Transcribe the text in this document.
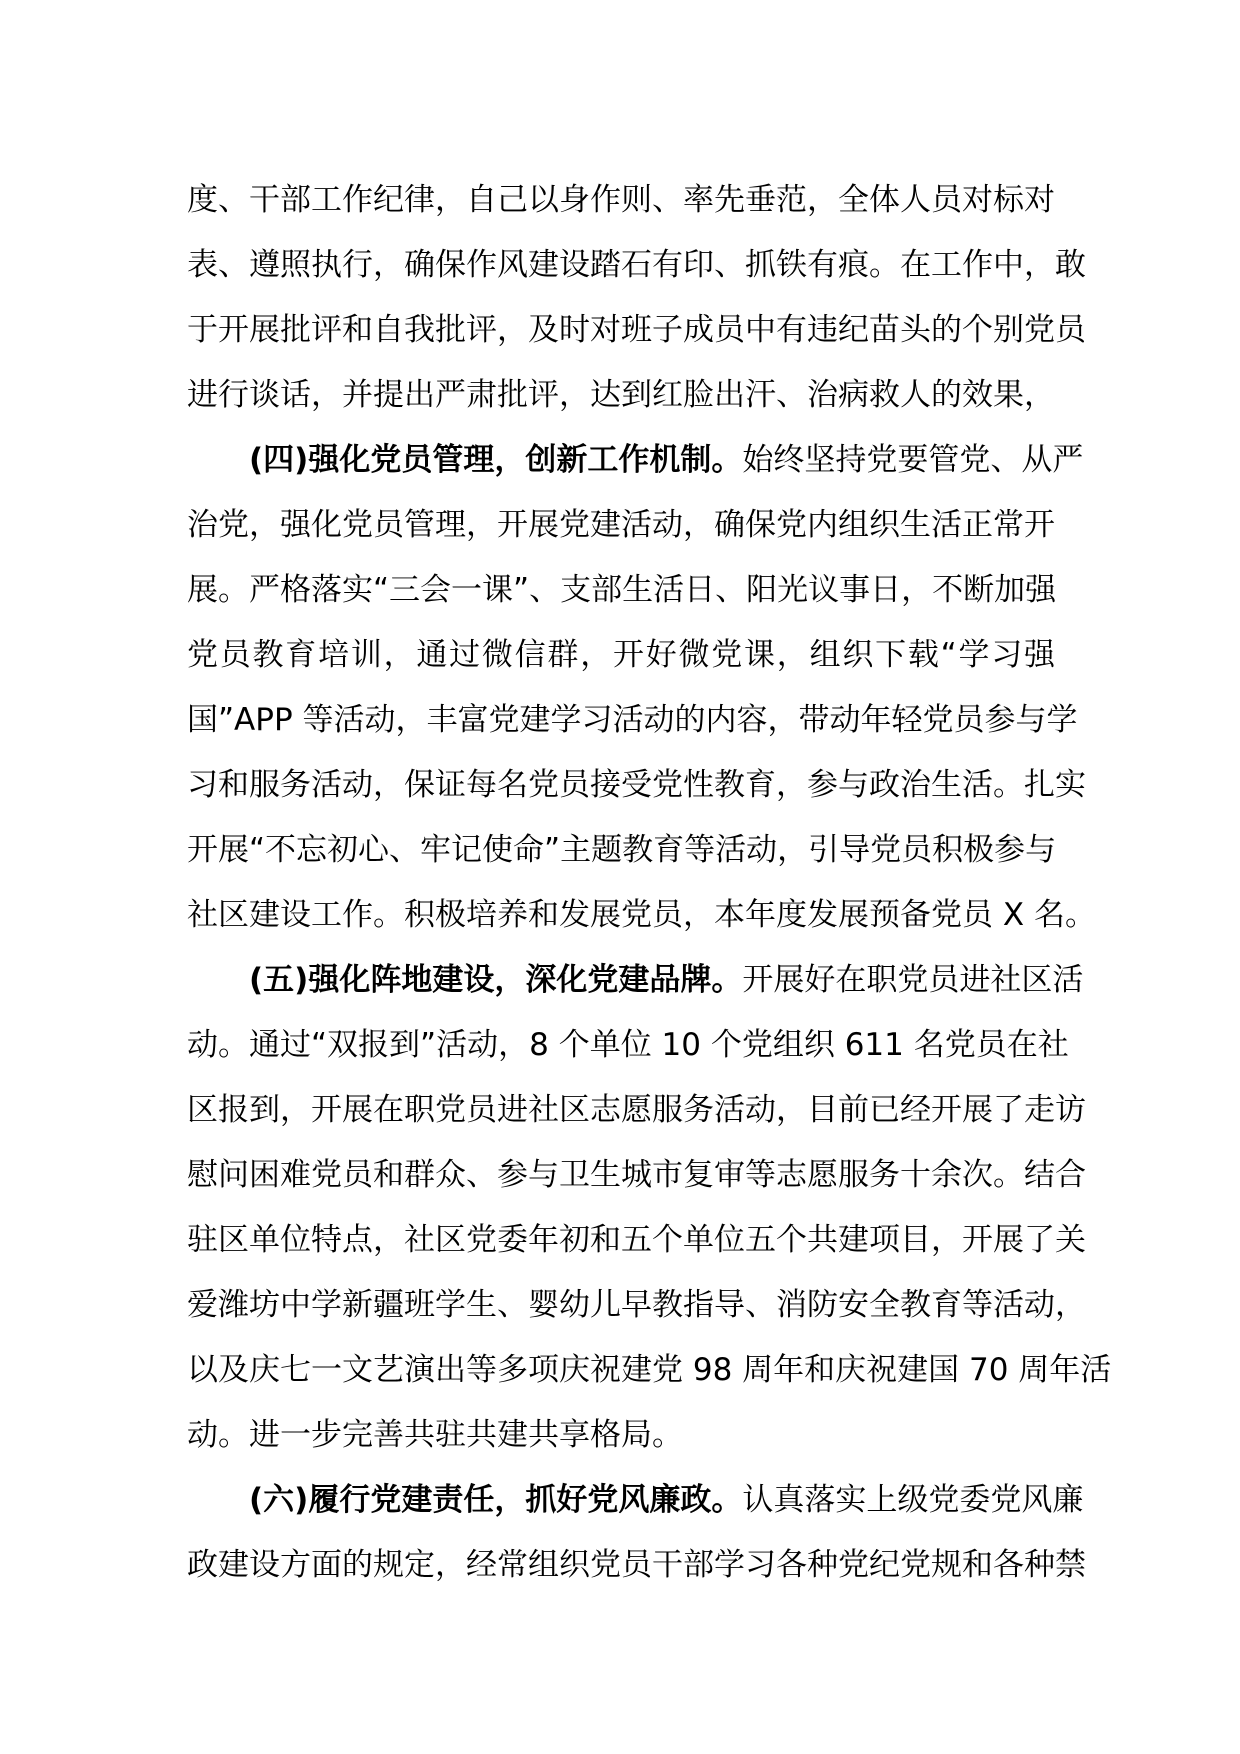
度、干部工作纪律，自己以身作则、率先垂范，全体人员对标对
表、遵照执行，确保作风建设踏石有印、抓铁有痕。在工作中，敢
于开展批评和自我批评，及时对班子成员中有违纪苗头的个别党员
进行谈话，并提出严肃批评，达到红脸出汗、治病救人的效果，
(四)强化党员管理，创新工作机制。始终坚持党要管党、从严
治党，强化党员管理，开展党建活动，确保党内组织生活正常开
展。严格落实“三会一课”、支部生活日、阳光议事日，不断加强
党员教育培训，通过微信群，开好微党课，组织下载“学习强
国”APP 等活动，丰富党建学习活动的内容，带动年轻党员参与学
习和服务活动，保证每名党员接受党性教育，参与政治生活。扎实
开展“不忘初心、牢记使命”主题教育等活动，引导党员积极参与
社区建设工作。积极培养和发展党员，本年度发展预备党员 X 名。
(五)强化阵地建设，深化党建品牌。开展好在职党员进社区活
动。通过“双报到”活动，8 个单位 10 个党组织 611 名党员在社
区报到，开展在职党员进社区志愿服务活动，目前已经开展了走访
慰问困难党员和群众、参与卫生城市复审等志愿服务十余次。结合
驻区单位特点，社区党委年初和五个单位五个共建项目，开展了关
爱潍坊中学新疆班学生、婴幼儿早教指导、消防安全教育等活动，
以及庆七一文艺演出等多项庆祝建党 98 周年和庆祝建国 70 周年活
动。进一步完善共驻共建共享格局。
(六)履行党建责任，抓好党风廉政。认真落实上级党委党风廉
政建设方面的规定，经常组织党员干部学习各种党纪党规和各种禁
